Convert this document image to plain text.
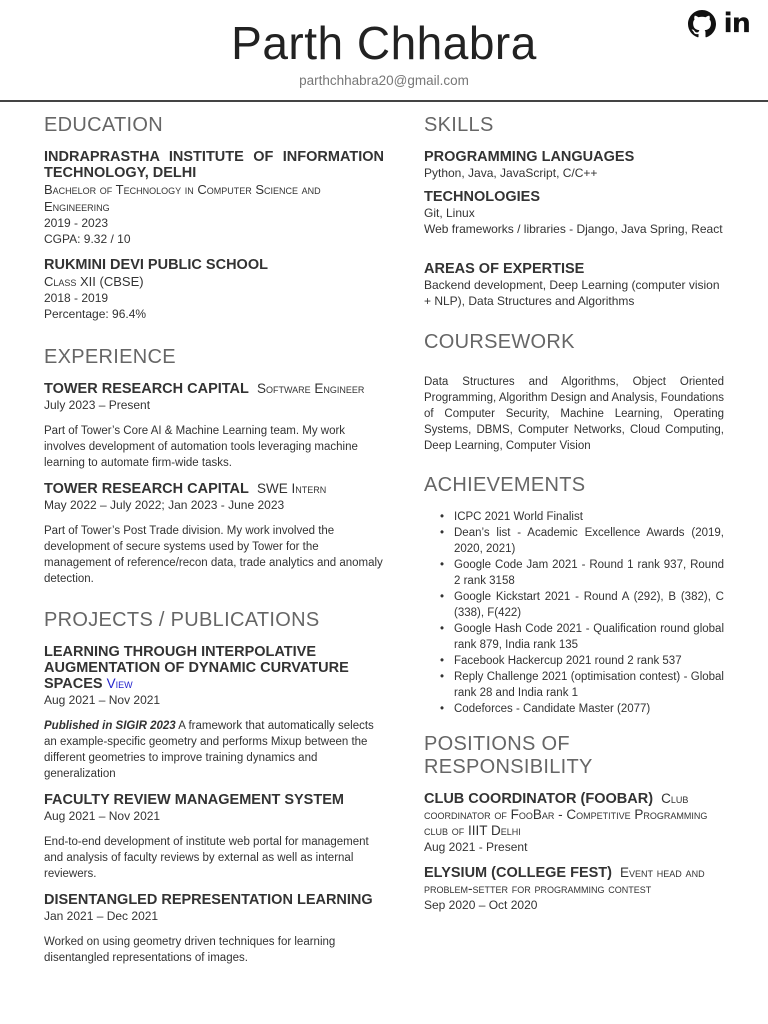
Parth Chhabra
parthchhabra20@gmail.com
in
EDUCATION
INDRAPRASTHA INSTITUTE OF INFORMATION TECHNOLOGY, DELHI
Bachelor of Technology in Computer Science and Engineering
2019 - 2023
CGPA: 9.32 / 10
RUKMINI DEVI PUBLIC SCHOOL
Class XII (CBSE)
2018 - 2019
Percentage: 96.4%
EXPERIENCE
TOWER RESEARCH CAPITAL Software Engineer
July 2023 – Present
Part of Tower’s Core AI & Machine Learning team. My work involves development of automation tools leveraging machine learning to automate firm-wide tasks.
TOWER RESEARCH CAPITAL SWE Intern
May 2022 – July 2022; Jan 2023 - June 2023
Part of Tower’s Post Trade division. My work involved the development of secure systems used by Tower for the management of reference/recon data, trade analytics and anomaly detection.
PROJECTS / PUBLICATIONS
LEARNING THROUGH INTERPOLATIVE AUGMENTATION OF DYNAMIC CURVATURE SPACES View
Aug 2021 – Nov 2021
Published in SIGIR 2023 A framework that automatically selects an example-specific geometry and performs Mixup between the different geometries to improve training dynamics and generalization
FACULTY REVIEW MANAGEMENT SYSTEM
Aug 2021 – Nov 2021
End-to-end development of institute web portal for management and analysis of faculty reviews by external as well as internal reviewers.
DISENTANGLED REPRESENTATION LEARNING
Jan 2021 – Dec 2021
Worked on using geometry driven techniques for learning disentangled representations of images.
SKILLS
PROGRAMMING LANGUAGES
Python, Java, JavaScript, C/C++
TECHNOLOGIES
Git, Linux
Web frameworks / libraries - Django, Java Spring, React
AREAS OF EXPERTISE
Backend development, Deep Learning (computer vision + NLP), Data Structures and Algorithms
COURSEWORK
Data Structures and Algorithms, Object Oriented Programming, Algorithm Design and Analysis, Foundations of Computer Security, Machine Learning, Operating Systems, DBMS, Computer Networks, Cloud Computing, Deep Learning, Computer Vision
ACHIEVEMENTS
• ICPC 2021 World Finalist
• Dean’s list - Academic Excellence Awards (2019, 2020, 2021)
• Google Code Jam 2021 - Round 1 rank 937, Round 2 rank 3158
• Google Kickstart 2021 - Round A (292), B (382), C (338), F(422)
• Google Hash Code 2021 - Qualification round global rank 879, India rank 135
• Facebook Hackercup 2021 round 2 rank 537
• Reply Challenge 2021 (optimisation contest) - Global rank 28 and India rank 1
• Codeforces - Candidate Master (2077)
POSITIONS OF RESPONSIBILITY
CLUB COORDINATOR (FOOBAR) Club coordinator of FooBar - Competitive Programming club of IIIT Delhi
Aug 2021 - Present
ELYSIUM (COLLEGE FEST) Event head and problem-setter for programming contest
Sep 2020 – Oct 2020
